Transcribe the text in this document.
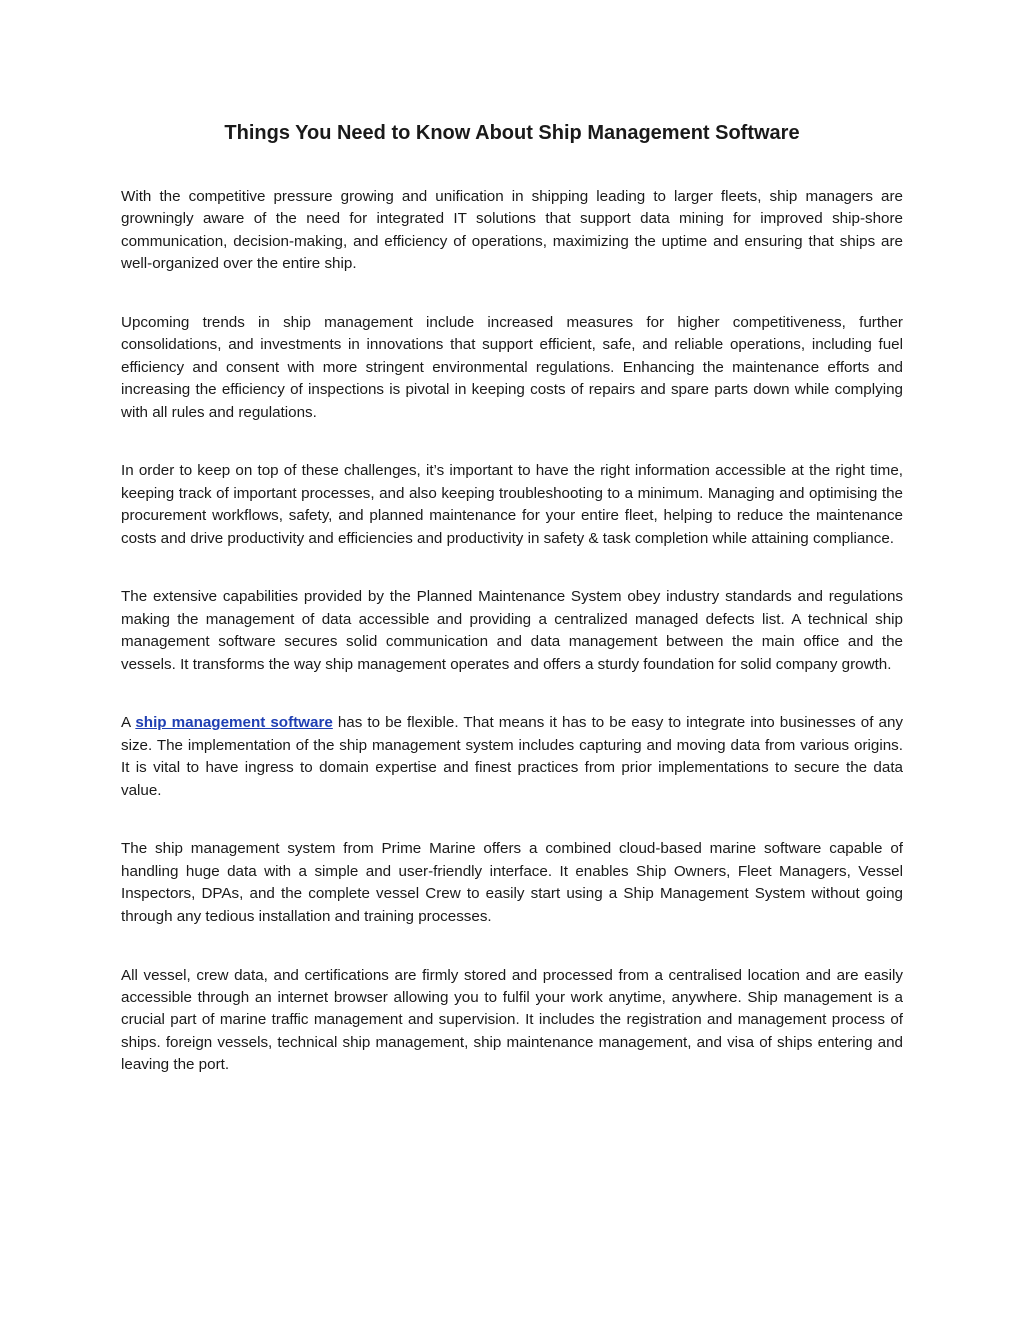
Things You Need to Know About Ship Management Software

With the competitive pressure growing and unification in shipping leading to larger fleets, ship managers are growningly aware of the need for integrated IT solutions that support data mining for improved ship-shore communication, decision-making, and efficiency of operations, maximizing the uptime and ensuring that ships are well-organized over the entire ship.

Upcoming trends in ship management include increased measures for higher competitiveness, further consolidations, and investments in innovations that support efficient, safe, and reliable operations, including fuel efficiency and consent with more stringent environmental regulations. Enhancing the maintenance efforts and increasing the efficiency of inspections is pivotal in keeping costs of repairs and spare parts down while complying with all rules and regulations.

In order to keep on top of these challenges, it’s important to have the right information accessible at the right time, keeping track of important processes, and also keeping troubleshooting to a minimum. Managing and optimising the procurement workflows, safety, and planned maintenance for your entire fleet, helping to reduce the maintenance costs and drive productivity and efficiencies and productivity in safety & task completion while attaining compliance.

The extensive capabilities provided by the Planned Maintenance System obey industry standards and regulations making the management of data accessible and providing a centralized managed defects list. A technical ship management software secures solid communication and data management between the main office and the vessels. It transforms the way ship management operates and offers a sturdy foundation for solid company growth.

A ship management software has to be flexible. That means it has to be easy to integrate into businesses of any size. The implementation of the ship management system includes capturing and moving data from various origins. It is vital to have ingress to domain expertise and finest practices from prior implementations to secure the data value.

The ship management system from Prime Marine offers a combined cloud-based marine software capable of handling huge data with a simple and user-friendly interface. It enables Ship Owners, Fleet Managers, Vessel Inspectors, DPAs, and the complete vessel Crew to easily start using a Ship Management System without going through any tedious installation and training processes.

All vessel, crew data, and certifications are firmly stored and processed from a centralised location and are easily accessible through an internet browser allowing you to fulfil your work anytime, anywhere. Ship management is a crucial part of marine traffic management and supervision. It includes the registration and management process of ships. foreign vessels, technical ship management, ship maintenance management, and visa of ships entering and leaving the port.
